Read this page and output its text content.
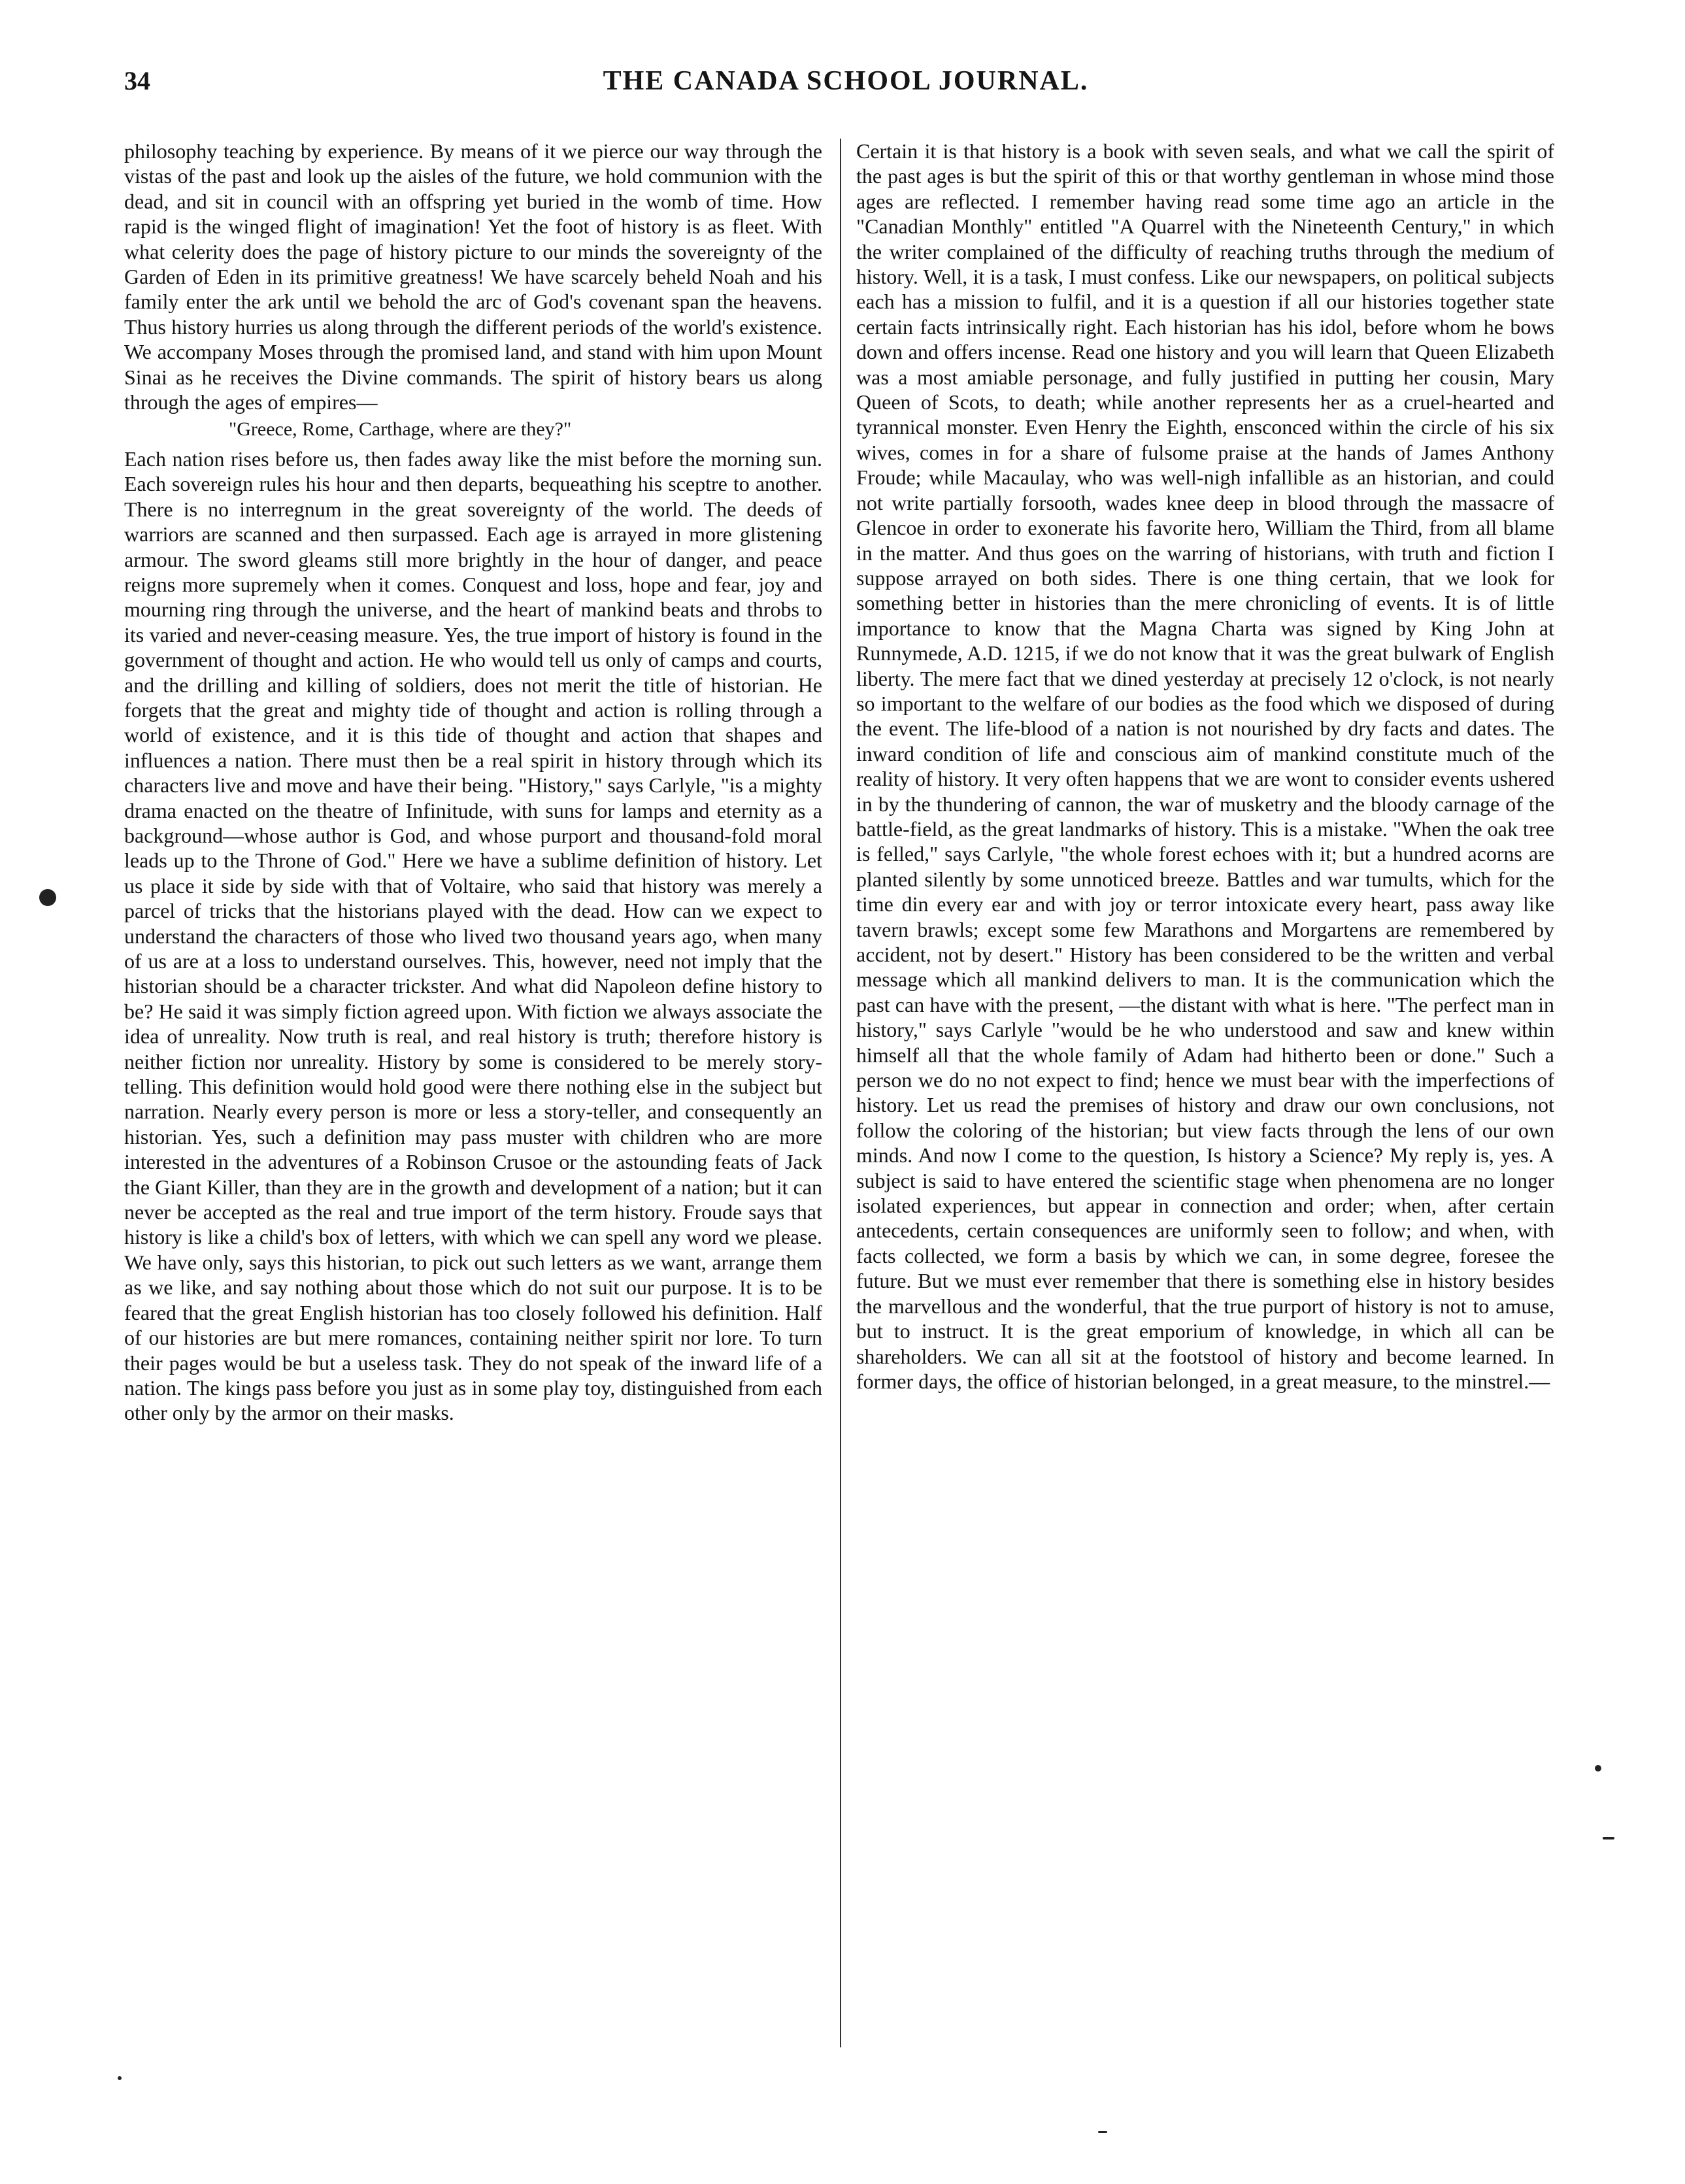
34	THE CANADA SCHOOL JOURNAL.

philosophy teaching by experience. By means of it we pierce our way through the vistas of the past and look up the aisles of the future, we hold communion with the dead, and sit in council with an offspring yet buried in the womb of time. How rapid is the winged flight of imagination! Yet the foot of history is as fleet. With what celerity does the page of history picture to our minds the sovereignty of the Garden of Eden in its primitive greatness! We have scarcely beheld Noah and his family enter the ark until we behold the arc of God's covenant span the heavens. Thus history hurries us along through the different periods of the world's existence. We accompany Moses through the promised land, and stand with him upon Mount Sinai as he receives the Divine commands. The spirit of history bears us along through the ages of empires—

"Greece, Rome, Carthage, where are they?"

Each nation rises before us, then fades away like the mist before the morning sun. Each sovereign rules his hour and then departs, bequeathing his sceptre to another. There is no interregnum in the great sovereignty of the world. The deeds of warriors are scanned and then surpassed. Each age is arrayed in more glistening armour. The sword gleams still more brightly in the hour of danger, and peace reigns more supremely when it comes. Conquest and loss, hope and fear, joy and mourning ring through the universe, and the heart of mankind beats and throbs to its varied and never-ceasing measure. Yes, the true import of history is found in the government of thought and action. He who would tell us only of camps and courts, and the drilling and killing of soldiers, does not merit the title of historian. He forgets that the great and mighty tide of thought and action is rolling through a world of existence, and it is this tide of thought and action that shapes and influences a nation. There must then be a real spirit in history through which its characters live and move and have their being. "History," says Carlyle, "is a mighty drama enacted on the theatre of Infinitude, with suns for lamps and eternity as a background—whose author is God, and whose purport and thousand-fold moral leads up to the Throne of God." Here we have a sublime definition of history. Let us place it side by side with that of Voltaire, who said that history was merely a parcel of tricks that the historians played with the dead. How can we expect to understand the characters of those who lived two thousand years ago, when many of us are at a loss to understand ourselves. This, however, need not imply that the historian should be a character trickster. And what did Napoleon define history to be? He said it was simply fiction agreed upon. With fiction we always associate the idea of unreality. Now truth is real, and real history is truth; therefore history is neither fiction nor unreality. History by some is considered to be merely story-telling. This definition would hold good were there nothing else in the subject but narration. Nearly every person is more or less a story-teller, and consequently an historian. Yes, such a definition may pass muster with children who are more interested in the adventures of a Robinson Crusoe or the astounding feats of Jack the Giant Killer, than they are in the growth and development of a nation; but it can never be accepted as the real and true import of the term history. Froude says that history is like a child's box of letters, with which we can spell any word we please. We have only, says this historian, to pick out such letters as we want, arrange them as we like, and say nothing about those which do not suit our purpose. It is to be feared that the great English historian has too closely followed his definition. Half of our histories are but mere romances, containing neither spirit nor lore. To turn their pages would be but a useless task. They do not speak of the inward life of a nation. The kings pass before you just as in some play toy, distinguished from each other only by the armor on their masks.

Certain it is that history is a book with seven seals, and what we call the spirit of the past ages is but the spirit of this or that worthy gentleman in whose mind those ages are reflected. I remember having read some time ago an article in the "Canadian Monthly" entitled "A Quarrel with the Nineteenth Century," in which the writer complained of the difficulty of reaching truths through the medium of history. Well, it is a task, I must confess. Like our newspapers, on political subjects each has a mission to fulfil, and it is a question if all our histories together state certain facts intrinsically right. Each historian has his idol, before whom he bows down and offers incense. Read one history and you will learn that Queen Elizabeth was a most amiable personage, and fully justified in putting her cousin, Mary Queen of Scots, to death; while another represents her as a cruel-hearted and tyrannical monster. Even Henry the Eighth, ensconced within the circle of his six wives, comes in for a share of fulsome praise at the hands of James Anthony Froude; while Macaulay, who was well-nigh infallible as an historian, and could not write partially forsooth, wades knee deep in blood through the massacre of Glencoe in order to exonerate his favorite hero, William the Third, from all blame in the matter. And thus goes on the warring of historians, with truth and fiction I suppose arrayed on both sides. There is one thing certain, that we look for something better in histories than the mere chronicling of events. It is of little importance to know that the Magna Charta was signed by King John at Runnymede, A.D. 1215, if we do not know that it was the great bulwark of English liberty. The mere fact that we dined yesterday at precisely 12 o'clock, is not nearly so important to the welfare of our bodies as the food which we disposed of during the event. The life-blood of a nation is not nourished by dry facts and dates. The inward condition of life and conscious aim of mankind constitute much of the reality of history. It very often happens that we are wont to consider events ushered in by the thundering of cannon, the war of musketry and the bloody carnage of the battle-field, as the great landmarks of history. This is a mistake. "When the oak tree is felled," says Carlyle, "the whole forest echoes with it; but a hundred acorns are planted silently by some unnoticed breeze. Battles and war tumults, which for the time din every ear and with joy or terror intoxicate every heart, pass away like tavern brawls; except some few Marathons and Morgartens are remembered by accident, not by desert." History has been considered to be the written and verbal message which all mankind delivers to man. It is the communication which the past can have with the present, —the distant with what is here. "The perfect man in history," says Carlyle "would be he who understood and saw and knew within himself all that the whole family of Adam had hitherto been or done." Such a person we do no not expect to find; hence we must bear with the imperfections of history. Let us read the premises of history and draw our own conclusions, not follow the coloring of the historian; but view facts through the lens of our own minds. And now I come to the question, Is history a Science? My reply is, yes. A subject is said to have entered the scientific stage when phenomena are no longer isolated experiences, but appear in connection and order; when, after certain antecedents, certain consequences are uniformly seen to follow; and when, with facts collected, we form a basis by which we can, in some degree, foresee the future. But we must ever remember that there is something else in history besides the marvellous and the wonderful, that the true purport of history is not to amuse, but to instruct. It is the great emporium of knowledge, in which all can be shareholders. We can all sit at the footstool of history and become learned. In former days, the office of historian belonged, in a great measure, to the minstrel.—
